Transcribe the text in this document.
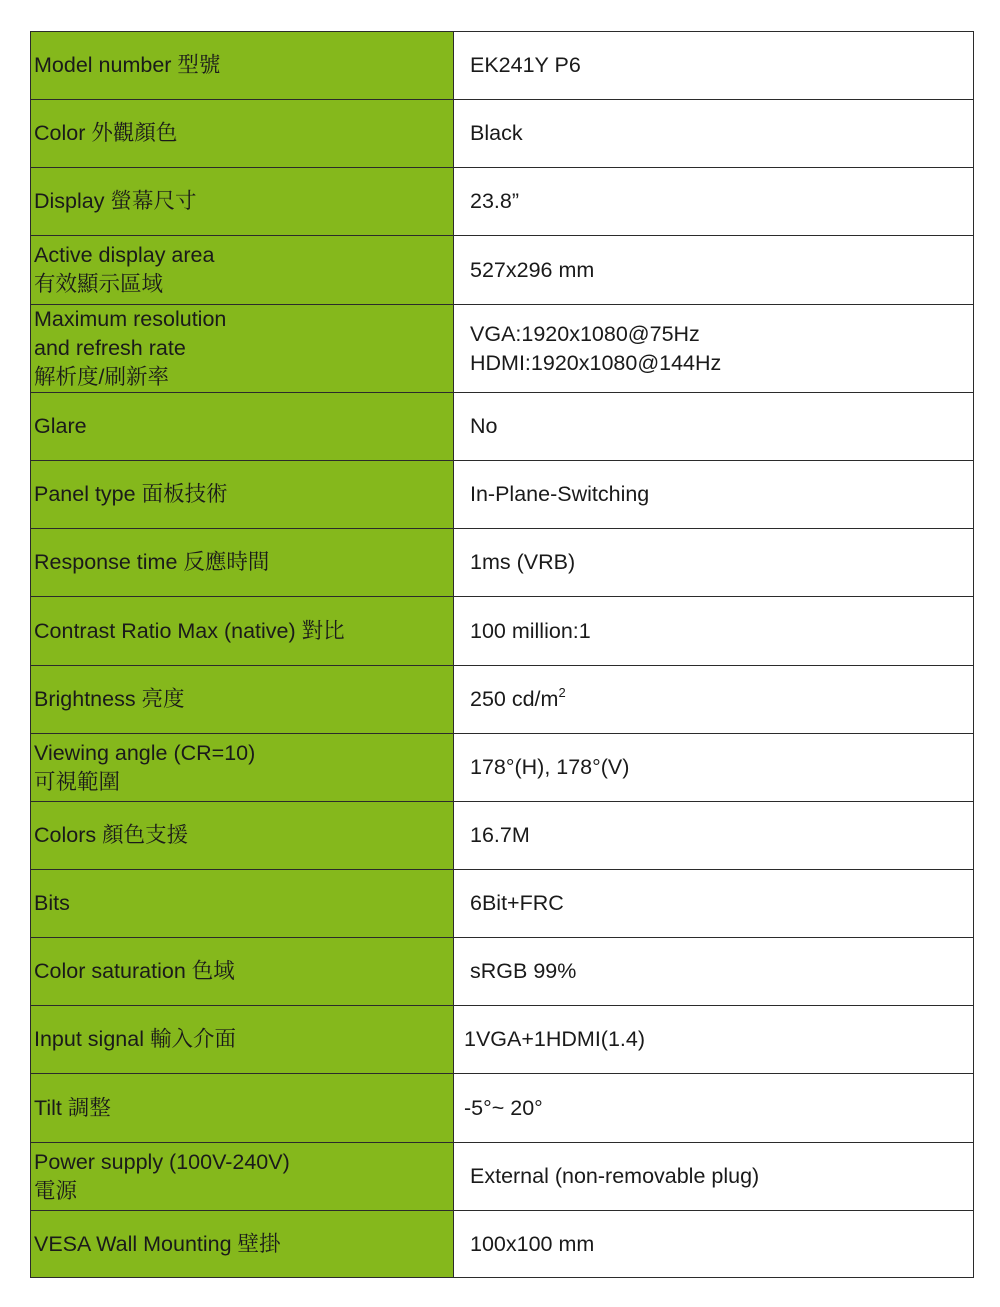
Model number 型號	EK241Y P6

Color 外觀顏色	Black

Display 螢幕尺寸	23.8”

Active display area
有效顯示區域	527x296 mm

Maximum resolution
and refresh rate
解析度/刷新率	VGA:1920x1080@75Hz
HDMI:1920x1080@144Hz

Glare	No

Panel type 面板技術	In-Plane-Switching

Response time 反應時間	1ms (VRB)

Contrast Ratio Max (native) 對比	100 million:1

Brightness 亮度	250 $cd/m^2$

Viewing angle (CR=10)
可視範圍	178°(H), 178°(V)

Colors 顏色支援	16.7M

Bits	6Bit+FRC

Color saturation 色域	sRGB 99%

Input signal 輸入介面	1VGA+1HDMI(1.4)

Tilt 調整	-5°~ 20°

Power supply (100V-240V)
電源	External (non-removable plug)

VESA Wall Mounting 壁掛	100x100 mm
